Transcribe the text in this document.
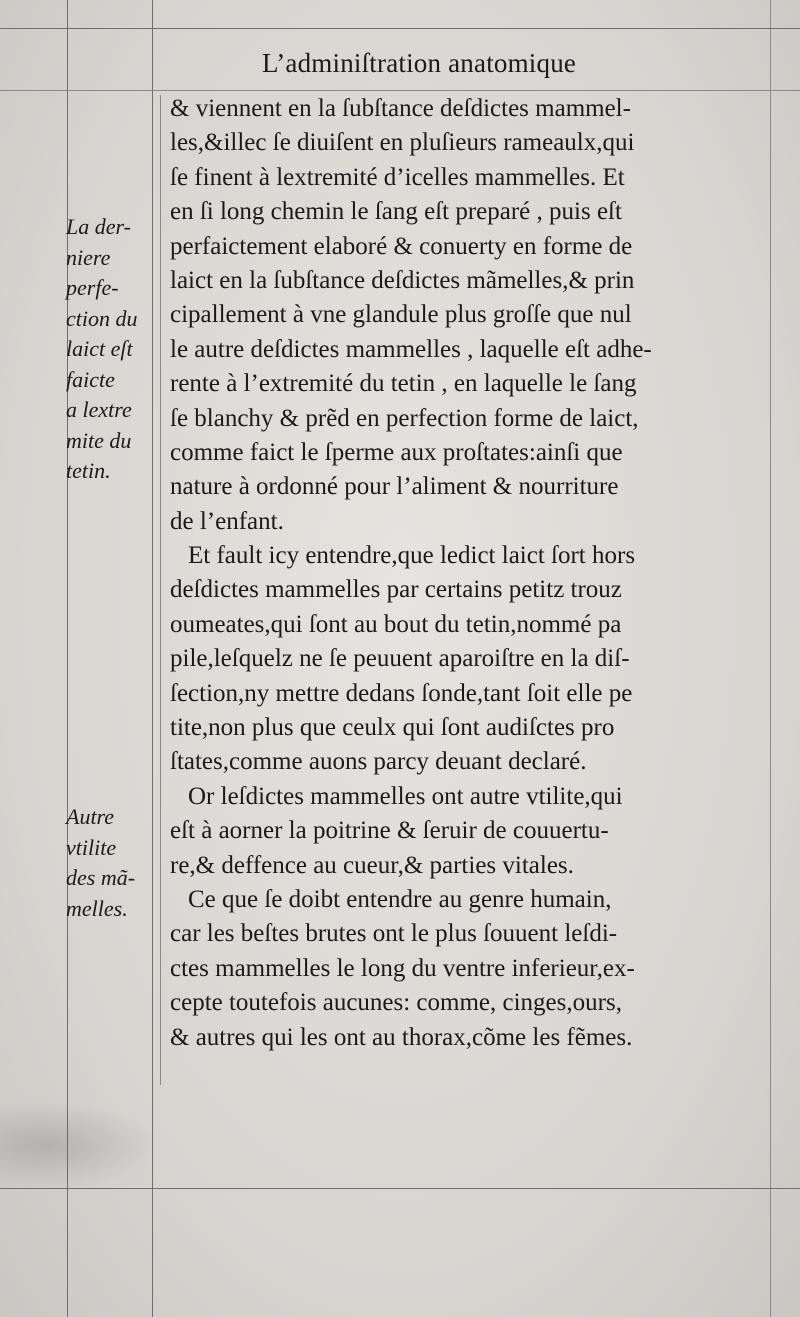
L’adminiſtration anatomique
& viennent en la ſubſtance deſdictes mammel-
les,&illec ſe diuiſent en pluſieurs rameaulx,qui
ſe finent à lextremité d’icelles mammelles. Et
en ſi long chemin le ſang eſt preparé , puis eſt
perfaictement elaboré & conuerty en forme de
laict en la ſubſtance deſdictes mãmelles,& prin
cipallement à vne glandule plus groſſe que nul
le autre deſdictes mammelles , laquelle eſt adhe-
rente à l’extremité du tetin , en laquelle le ſang
ſe blanchy & prẽd en perfection forme de laict,
comme faict le ſperme aux proſtates:ainſi que
nature à ordonné pour l’aliment & nourriture
de l’enfant.
Et fault icy entendre,que ledict laict ſort hors
deſdictes mammelles par certains petitz trouz
oumeates,qui ſont au bout du tetin,nommé pa
pile,leſquelz ne ſe peuuent aparoiſtre en la diſ-
ſection,ny mettre dedans ſonde,tant ſoit elle pe
tite,non plus que ceulx qui ſont audiſctes pro
ſtates,comme auons parcy deuant declaré.
Or leſdictes mammelles ont autre vtilite,qui
eſt à aorner la poitrine & ſeruir de couuertu-
re,& deffence au cueur,& parties vitales.
Ce que ſe doibt entendre au genre humain,
car les beſtes brutes ont le plus ſouuent leſdi-
ctes mammelles le long du ventre inferieur,ex-
cepte toutefois aucunes: comme, cinges,ours,
& autres qui les ont au thorax,cõme les fẽmes.
La der-
niere
perfe-
ction du
laict eſt
faicte
a lextre
mite du
tetin.
Autre
vtilite
des mã-
melles.
